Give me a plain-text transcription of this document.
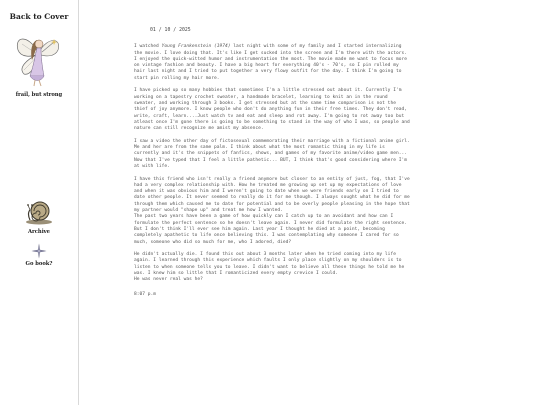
Back to Cover
frail, but strong
Archive
Go book?
01 / 10 / 2025
I watched Young Frankenstein (1974) last night with some of my family and I started internalizing the movie. I love doing that. It's like I get sucked into the screen and I'm there with the actors.
I enjoyed the quick-witted humor and instrumentation the most. The movie made me want to focus more on vintage fashion and beauty. I have a big heart for everything 40's - 70's, so I pin rolled my hair last night and I tried to put together a very flowy outfit for the day. I think I'm going to start pin rolling my hair more.
I have picked up so many hobbies that sometimes I'm a little stressed out about it. Currently I'm working on a tapestry crochet sweater, a handmade bracelet, learning to knit an in the round sweater, and working through 3 books. I get stressed but at the same time comparison is not the thief of joy anymore. I know people who don't do anything fun in their free times. They don't read, write, craft, learn....Just watch tv and eat and sleep and rot away. I'm going to rot away too but atleast once I'm gone there is going to be something to stand in the way of who I was, so people and nature can still recognize me amist my absence.
I saw a video the other day of fictosexual commemorating their marriage with a fictional anime girl. Me and her are from the same palm. I think about what the most romantic thing in my life is currently and it's the snippets of fanfics, shows, and games of my favorite anime/video game men... Now that I've typed that I feel a little pathetic... BUT, I think that's good considering where I'm at with life.
I have this friend who isn't really a friend anymore but closer to an entity of just, fog, that I've had a very complex relationship with. How he treated me growing up set up my expectations of love and when it was obvious him and I weren't going to date when we were friends early on I tried to date other people. It never seemed to really do it for me though. I always sought what he did for me through them which caused me to date for potential and to be overly people pleasing in the hope that my partner would "shape up" and treat me how I wanted.
The past two years have been a game of how quickly can I catch up to an avoidant and how can I formulate the perfect sentence so he doesn't leave again. I never did formulate the right sentence.
But I don't think I'll ever see him again. Last year I thought he died at a point, becoming completely apathetic to life once believing this. I was contemplating why someone I cared for so much, someone who did so much for me, who I adored, died?
He didn't actually die. I found this out about 3 months later when he tried coming into my life again. I learned through this experience which faults I only place slightly on my shoulders is to listen to when someone tells you to leave. I didn't want to believe all these things he told me he was. I knew him so little that I romanticized every empty crevice I could.
He was never real was he?
8:07 p.m
